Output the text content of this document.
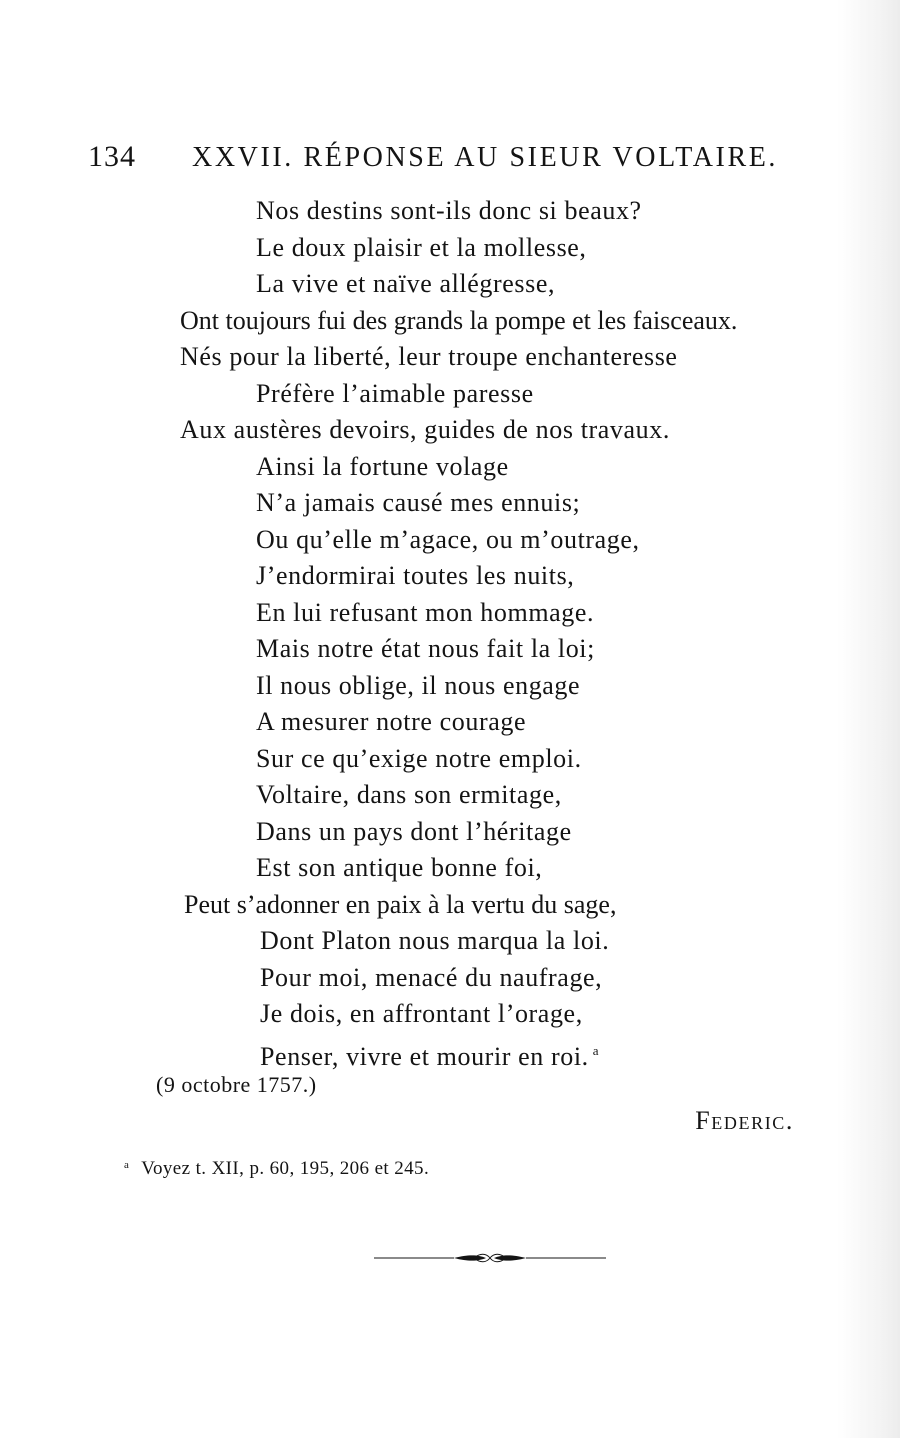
134 XXVII. RÉPONSE AU SIEUR VOLTAIRE.
Nos destins sont-ils donc si beaux?
Le doux plaisir et la mollesse,
La vive et naïve allégresse,
Ont toujours fui des grands la pompe et les faisceaux.
Nés pour la liberté, leur troupe enchanteresse
Préfère l’aimable paresse
Aux austères devoirs, guides de nos travaux.
Ainsi la fortune volage
N’a jamais causé mes ennuis;
Ou qu’elle m’agace, ou m’outrage,
J’endormirai toutes les nuits,
En lui refusant mon hommage.
Mais notre état nous fait la loi;
Il nous oblige, il nous engage
A mesurer notre courage
Sur ce qu’exige notre emploi.
Voltaire, dans son ermitage,
Dans un pays dont l’héritage
Est son antique bonne foi,
Peut s’adonner en paix à la vertu du sage,
Dont Platon nous marqua la loi.
Pour moi, menacé du naufrage,
Je dois, en affrontant l’orage,
Penser, vivre et mourir en roi. $^a$
(9 octobre 1757.)
Federic.
$^a$ Voyez t. XII, p. 60, 195, 206 et 245.
